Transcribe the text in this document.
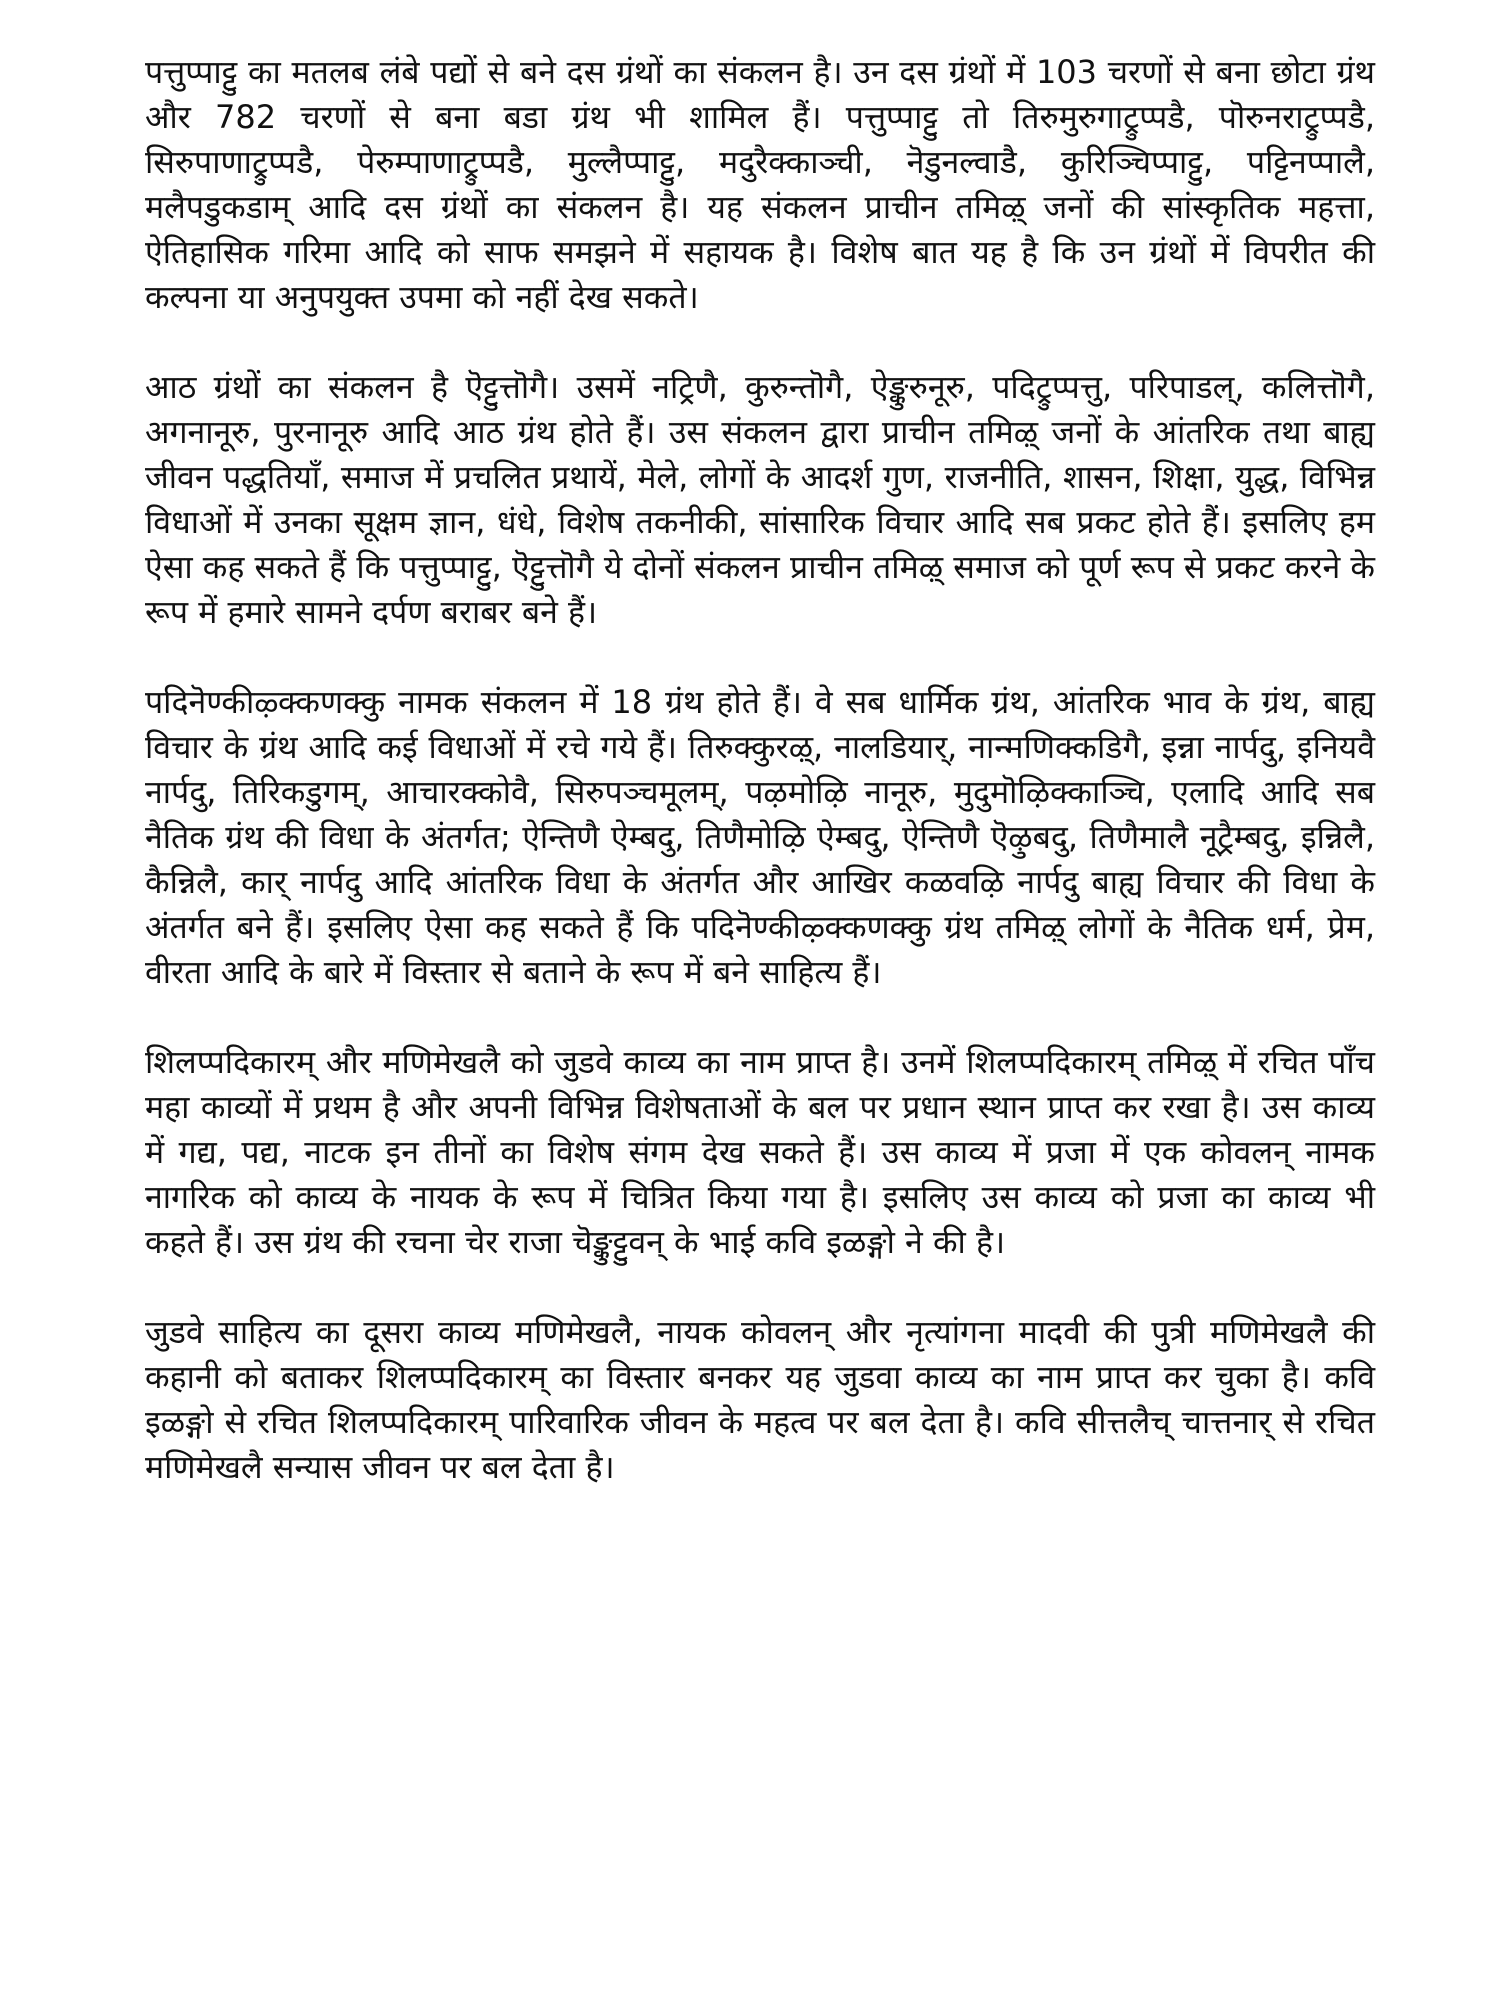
पत्तुप्पाट्टु का मतलब लंबे पद्यों से बने दस ग्रंथों का संकलन है। उन दस ग्रंथों में 103 चरणों से बना छोटा ग्रंथ और 782 चरणों से बना बडा ग्रंथ भी शामिल हैं। पत्तुप्पाट्टु तो तिरुमुरुगाट्रुप्पडै, पॊरुनराट्रुप्पडै, सिरुपाणाट्रुप्पडै, पेरुम्पाणाट्रुप्पडै, मुल्लैप्पाट्टु, मदुरैक्काञ्ची, नॆडुनल्वाडै, कुरिञ्चिप्पाट्टु, पट्टिनप्पालै, मलैपडुकडाम् आदि दस ग्रंथों का संकलन है। यह संकलन प्राचीन तमिऴ् जनों की सांस्कृतिक महत्ता, ऐतिहासिक गरिमा आदि को साफ समझने में सहायक है। विशेष बात यह है कि उन ग्रंथों में विपरीत की कल्पना या अनुपयुक्त उपमा को नहीं देख सकते।

आठ ग्रंथों का संकलन है ऎट्टुत्तॊगै। उसमें नट्रिणै, कुरुन्तॊगै, ऐङ्कुरुनूरु, पदिट्रुप्पत्तु, परिपाडल्, कलित्तॊगै, अगनानूरु, पुरनानूरु आदि आठ ग्रंथ होते हैं। उस संकलन द्वारा प्राचीन तमिऴ् जनों के आंतरिक तथा बाह्य जीवन पद्धतियाँ, समाज में प्रचलित प्रथायें, मेले, लोगों के आदर्श गुण, राजनीति, शासन, शिक्षा, युद्ध, विभिन्न विधाओं में उनका सूक्षम ज्ञान, धंधे, विशेष तकनीकी, सांसारिक विचार आदि सब प्रकट होते हैं। इसलिए हम ऐसा कह सकते हैं कि पत्तुप्पाट्टु, ऎट्टुत्तॊगै ये दोनों संकलन प्राचीन तमिऴ् समाज को पूर्ण रूप से प्रकट करने के रूप में हमारे सामने दर्पण बराबर बने हैं।

पदिनॆण्कीऴ्क्कणक्कु नामक संकलन में 18 ग्रंथ होते हैं। वे सब धार्मिक ग्रंथ, आंतरिक भाव के ग्रंथ, बाह्य विचार के ग्रंथ आदि कई विधाओं में रचे गये हैं। तिरुक्कुरऴ्, नालडियार्, नान्मणिक्कडिगै, इन्ना नार्पदु, इनियवै नार्पदु, तिरिकडुगम्, आचारक्कोवै, सिरुपञ्चमूलम्, पऴमोऴि नानूरु, मुदुमॊऴिक्काञ्चि, एलादि आदि सब नैतिक ग्रंथ की विधा के अंतर्गत; ऐन्तिणै ऐम्बदु, तिणैमोऴि ऐम्बदु, ऐन्तिणै ऎऴुबदु, तिणैमालै नूट्रैम्बदु, इन्निलै, कैन्निलै, कार् नार्पदु आदि आंतरिक विधा के अंतर्गत और आखिर कळवऴि नार्पदु बाह्य विचार की विधा के अंतर्गत बने हैं। इसलिए ऐसा कह सकते हैं कि पदिनॆण्कीऴ्क्कणक्कु ग्रंथ तमिऴ् लोगों के नैतिक धर्म, प्रेम, वीरता आदि के बारे में विस्तार से बताने के रूप में बने साहित्य हैं।

शिलप्पदिकारम् और मणिमेखलै को जुडवे काव्य का नाम प्राप्त है। उनमें शिलप्पदिकारम् तमिऴ् में रचित पाँच महा काव्यों में प्रथम है और अपनी विभिन्न विशेषताओं के बल पर प्रधान स्थान प्राप्त कर रखा है। उस काव्य में गद्य, पद्य, नाटक इन तीनों का विशेष संगम देख सकते हैं। उस काव्य में प्रजा में एक कोवलन् नामक नागरिक को काव्य के नायक के रूप में चित्रित किया गया है। इसलिए उस काव्य को प्रजा का काव्य भी कहते हैं। उस ग्रंथ की रचना चेर राजा चॆङ्कुट्टुवन् के भाई कवि इळङ्गो ने की है।

जुडवे साहित्य का दूसरा काव्य मणिमेखलै, नायक कोवलन् और नृत्यांगना मादवी की पुत्री मणिमेखलै की कहानी को बताकर शिलप्पदिकारम् का विस्तार बनकर यह जुडवा काव्य का नाम प्राप्त कर चुका है। कवि इळङ्गो से रचित शिलप्पदिकारम् पारिवारिक जीवन के महत्व पर बल देता है। कवि सीत्तलैच् चात्तनार् से रचित मणिमेखलै सन्यास जीवन पर बल देता है।
